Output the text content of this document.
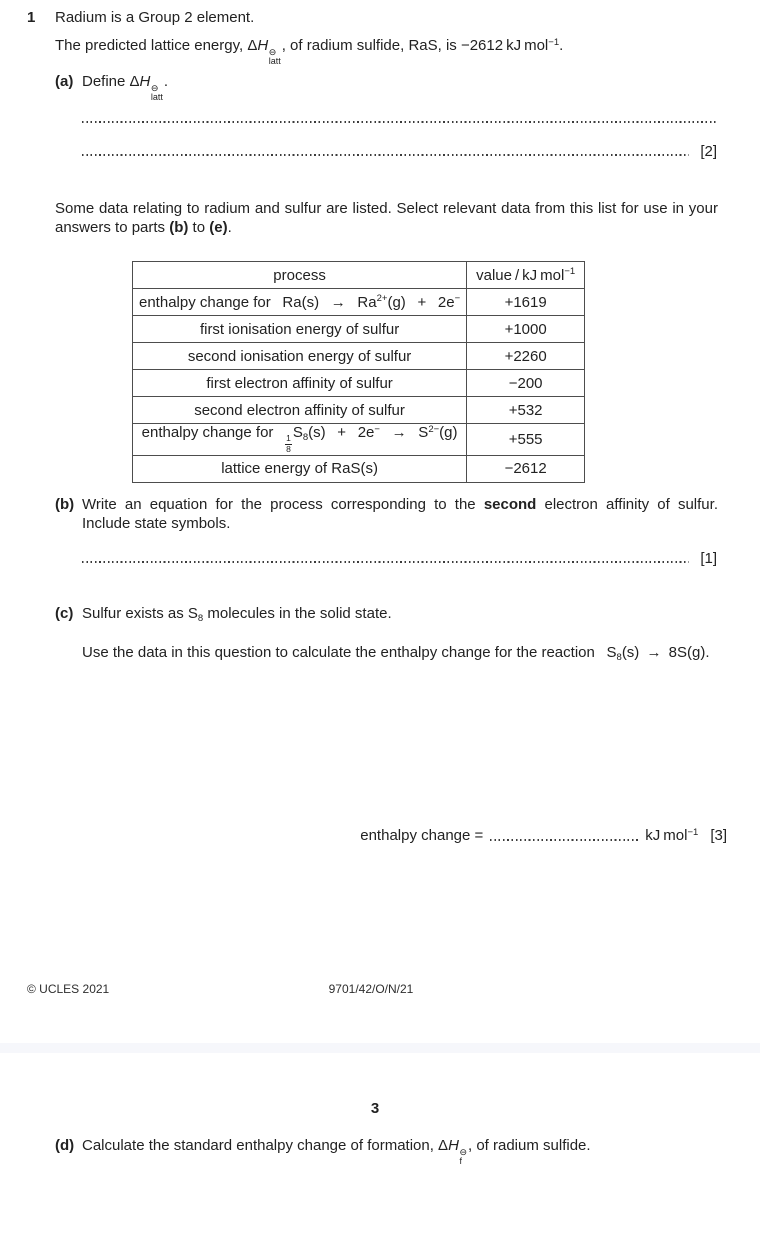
1	Radium is a Group 2 element.
The predicted lattice energy, ΔH ⊖
latt
, of radium sulfide, RaS, is −2612 kJ mol$^{-1}$.
(a) Define ΔH ⊖
latt
.
[2]
Some data relating to radium and sulfur are listed. Select relevant data from this list for use in your answers to parts (b) to (e).
process	value / kJ mol$^{-1}$
enthalpy change for  Ra(s)  →  $Ra^{2+}(g)$  +  2e−	+1619
first ionisation energy of sulfur	+1000
second ionisation energy of sulfur	+2260
first electron affinity of sulfur	−200
second electron affinity of sulfur	+532
enthalpy change for  
$\frac{1}{8}$
$S_8(s)$  +  2e−  →  $S^{2-}(g)$	+555
lattice energy of RaS(s)	−2612
(b) Write an equation for the process corresponding to the second electron affinity of sulfur. Include state symbols.
[1]
(c) Sulfur exists as $S_8$ molecules in the solid state.
Use the data in this question to calculate the enthalpy change for the reaction  $S_8(s) \to 8S(g)$.
enthalpy change =	kJ mol$^{-1}$ [3]
© UCLES 2021	9701/42/O/N/21
3
(d) Calculate the standard enthalpy change of formation, ΔH ⊖
f
, of radium sulfide.
